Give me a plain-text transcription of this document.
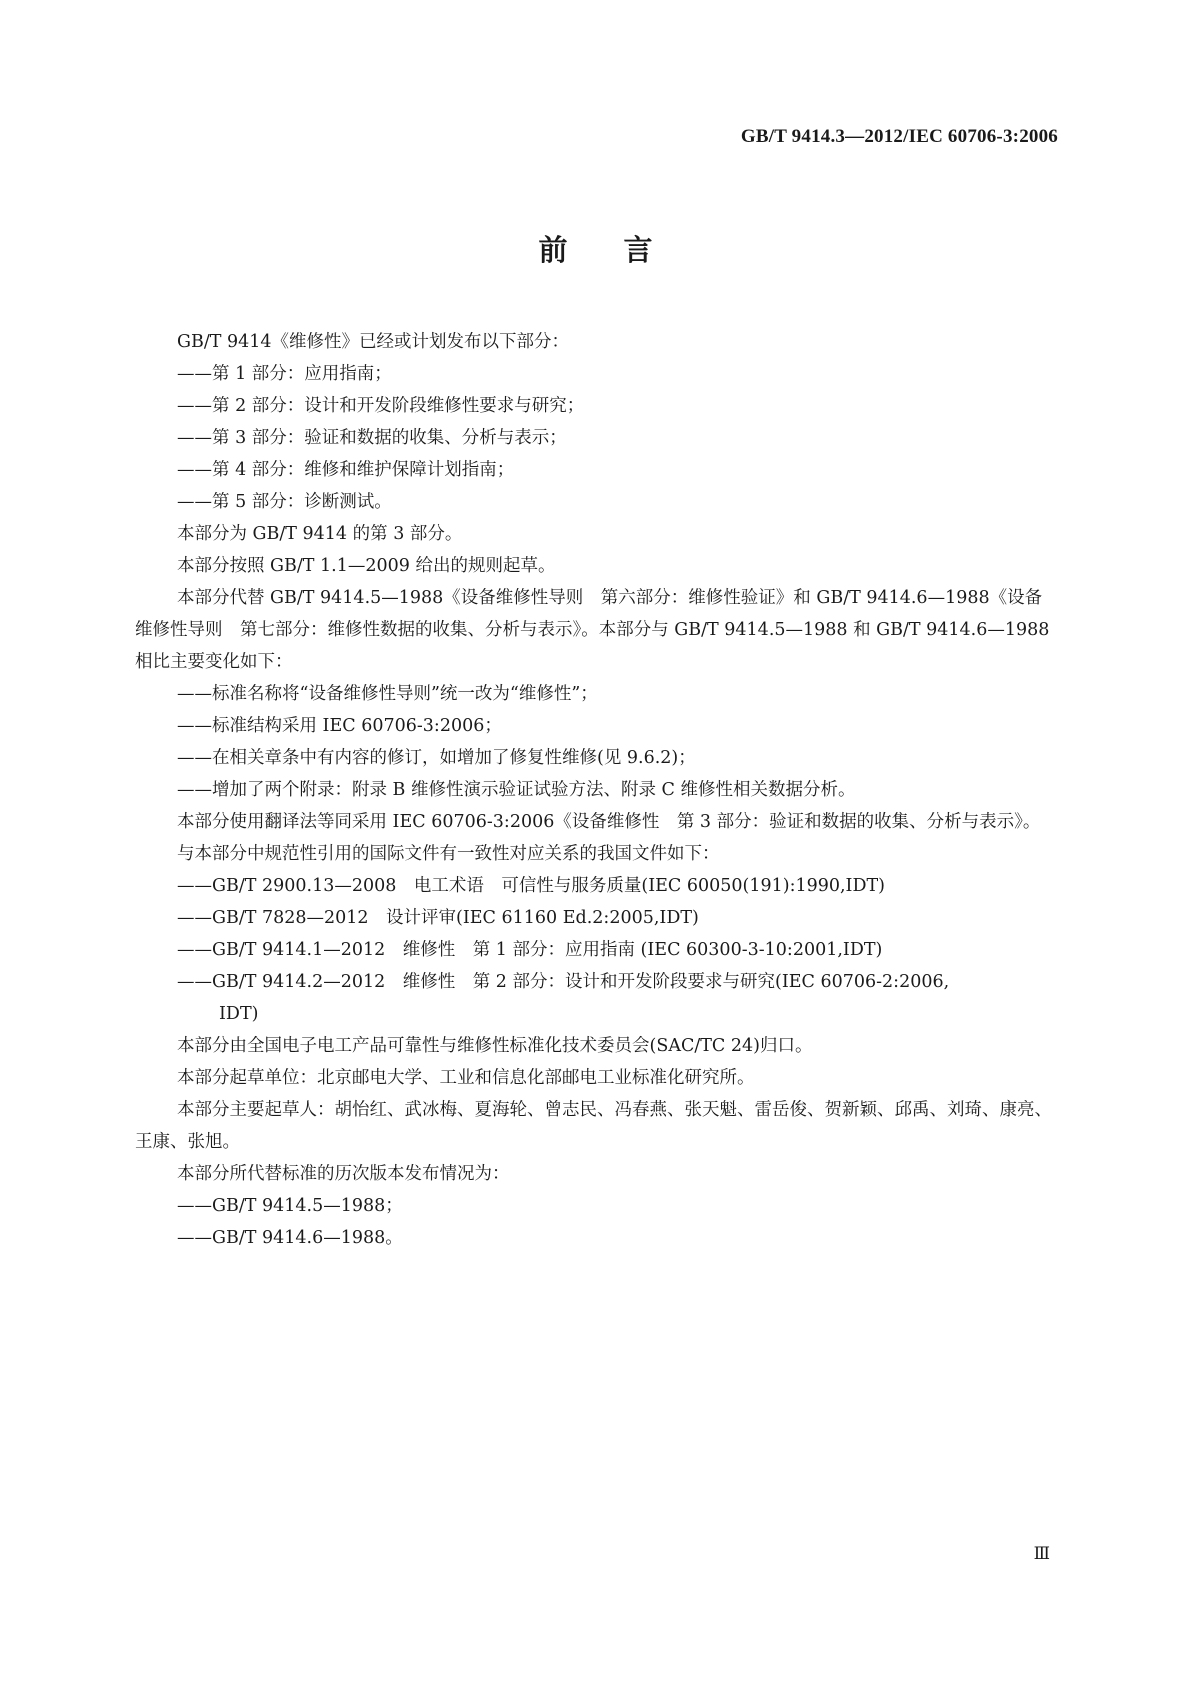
GB/T 9414.3—2012/IEC 60706-3:2006
前言

GB/T 9414《维修性》已经或计划发布以下部分：

——第 1 部分：应用指南；

——第 2 部分：设计和开发阶段维修性要求与研究；

——第 3 部分：验证和数据的收集、分析与表示；

——第 4 部分：维修和维护保障计划指南；

——第 5 部分：诊断测试。

本部分为 GB/T 9414 的第 3 部分。

本部分按照 GB/T 1.1—2009 给出的规则起草。

本部分代替 GB/T 9414.5—1988《设备维修性导则　第六部分：维修性验证》和 GB/T 9414.6—1988《设备维修性导则　第七部分：维修性数据的收集、分析与表示》。本部分与 GB/T 9414.5—1988 和 GB/T 9414.6—1988 相比主要变化如下：

——标准名称将“设备维修性导则”统一改为“维修性”；

——标准结构采用 IEC 60706-3:2006；

——在相关章条中有内容的修订，如增加了修复性维修(见 9.6.2)；

——增加了两个附录：附录 B 维修性演示验证试验方法、附录 C 维修性相关数据分析。

本部分使用翻译法等同采用 IEC 60706-3:2006《设备维修性　第 3 部分：验证和数据的收集、分析与表示》。

与本部分中规范性引用的国际文件有一致性对应关系的我国文件如下：

——GB/T 2900.13—2008　电工术语　可信性与服务质量(IEC 60050(191):1990,IDT)

——GB/T 7828—2012　设计评审(IEC 61160 Ed.2:2005,IDT)

——GB/T 9414.1—2012　维修性　第 1 部分：应用指南 (IEC 60300-3-10:2001,IDT)

——GB/T 9414.2—2012　维修性　第 2 部分：设计和开发阶段要求与研究(IEC 60706-2:2006,
IDT)

本部分由全国电子电工产品可靠性与维修性标准化技术委员会(SAC/TC 24)归口。

本部分起草单位：北京邮电大学、工业和信息化部邮电工业标准化研究所。

本部分主要起草人：胡怡红、武冰梅、夏海轮、曾志民、冯春燕、张天魁、雷岳俊、贺新颖、邱禹、刘琦、康亮、王康、张旭。

本部分所代替标准的历次版本发布情况为：

——GB/T 9414.5—1988；

——GB/T 9414.6—1988。

Ⅲ
